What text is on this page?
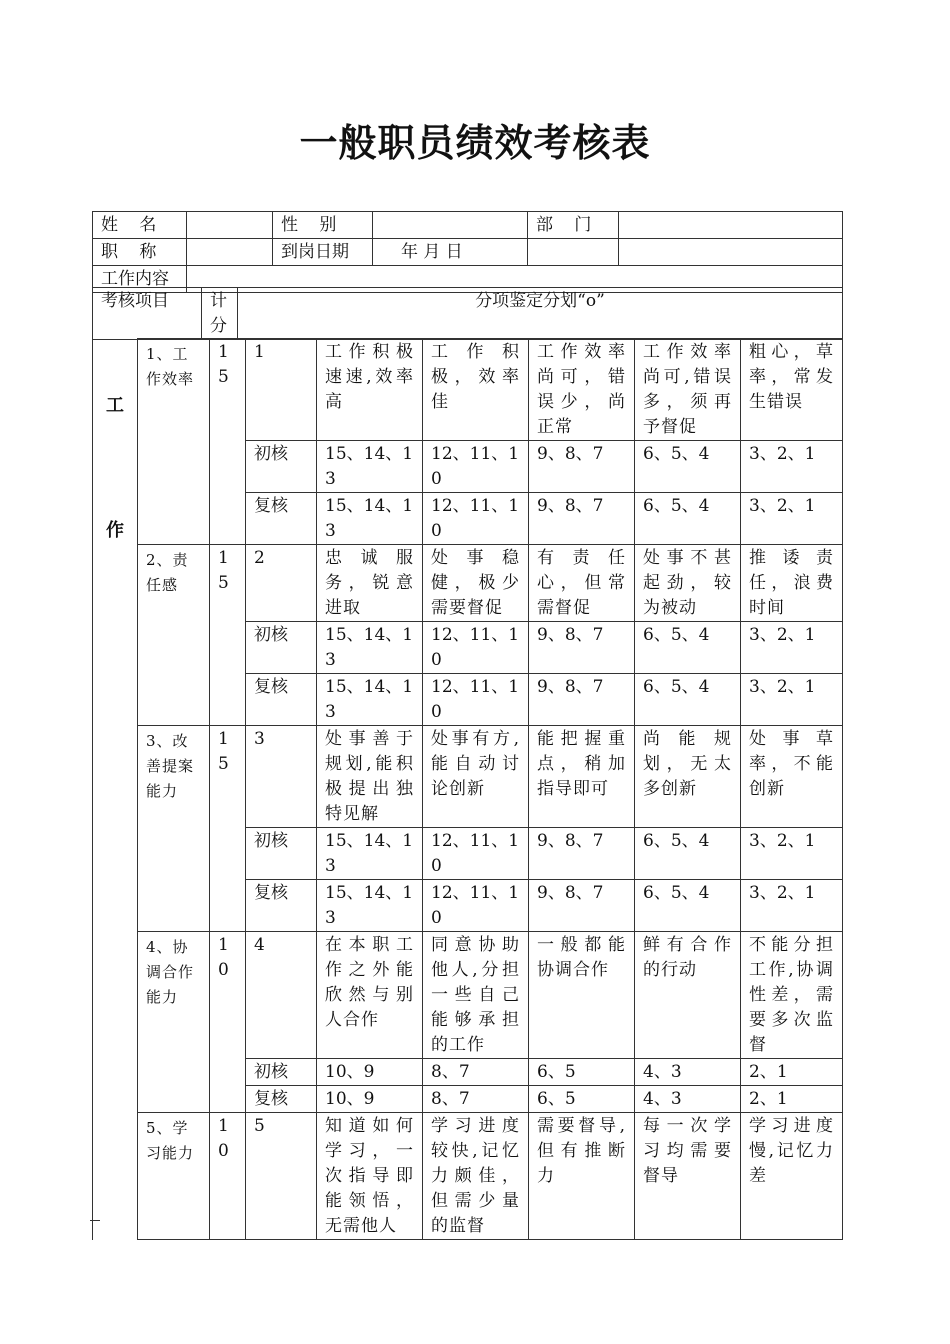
一般职员绩效考核表
姓 名		性 别		部 门	
职 称		到岗日期	年 月 日		
工作内容					
考核项目	计分	分项鉴定分划“o”
工作	1、工作效率	15	1	工作积极速速,效率高	工作积极，效率佳	工作效率尚可，错误少，尚正常	工作效率尚可,错误多，须再予督促	粗心，草率，常发生错误
			初核	15、14、13	12、11、10	9、8、7	6、5、4	3、2、1
			复核	15、14、13	12、11、10	9、8、7	6、5、4	3、2、1
	2、责任感	15	2	忠诚服务，锐意进取	处事稳健，极少需要督促	有责任心，但常需督促	处事不甚起劲，较为被动	推诿责任，浪费时间
			初核	15、14、13	12、11、10	9、8、7	6、5、4	3、2、1
			复核	15、14、13	12、11、10	9、8、7	6、5、4	3、2、1
	3、改善提案能力	15	3	处事善于规划,能积极提出独特见解	处事有方,能自动讨论创新	能把握重点，稍加指导即可	尚能规划，无太多创新	处事草率，不能创新
			初核	15、14、13	12、11、10	9、8、7	6、5、4	3、2、1
			复核	15、14、13	12、11、10	9、8、7	6、5、4	3、2、1
	4、协调合作能力	10	4	在本职工作之外能欣然与别人合作	同意协助他人,分担一些自己能够承担的工作	一般都能协调合作	鲜有合作的行动	不能分担工作,协调性差，需要多次监督
			初核	10、9	8、7	6、5	4、3	2、1
			复核	10、9	8、7	6、5	4、3	2、1
	5、学习能力	10	5	知道如何学习，一次指导即能领悟，无需他人	学习进度较快,记忆力颇佳，但需少量的监督	需要督导,但有推断力	每一次学习均需要督导	学习进度慢,记忆力差
